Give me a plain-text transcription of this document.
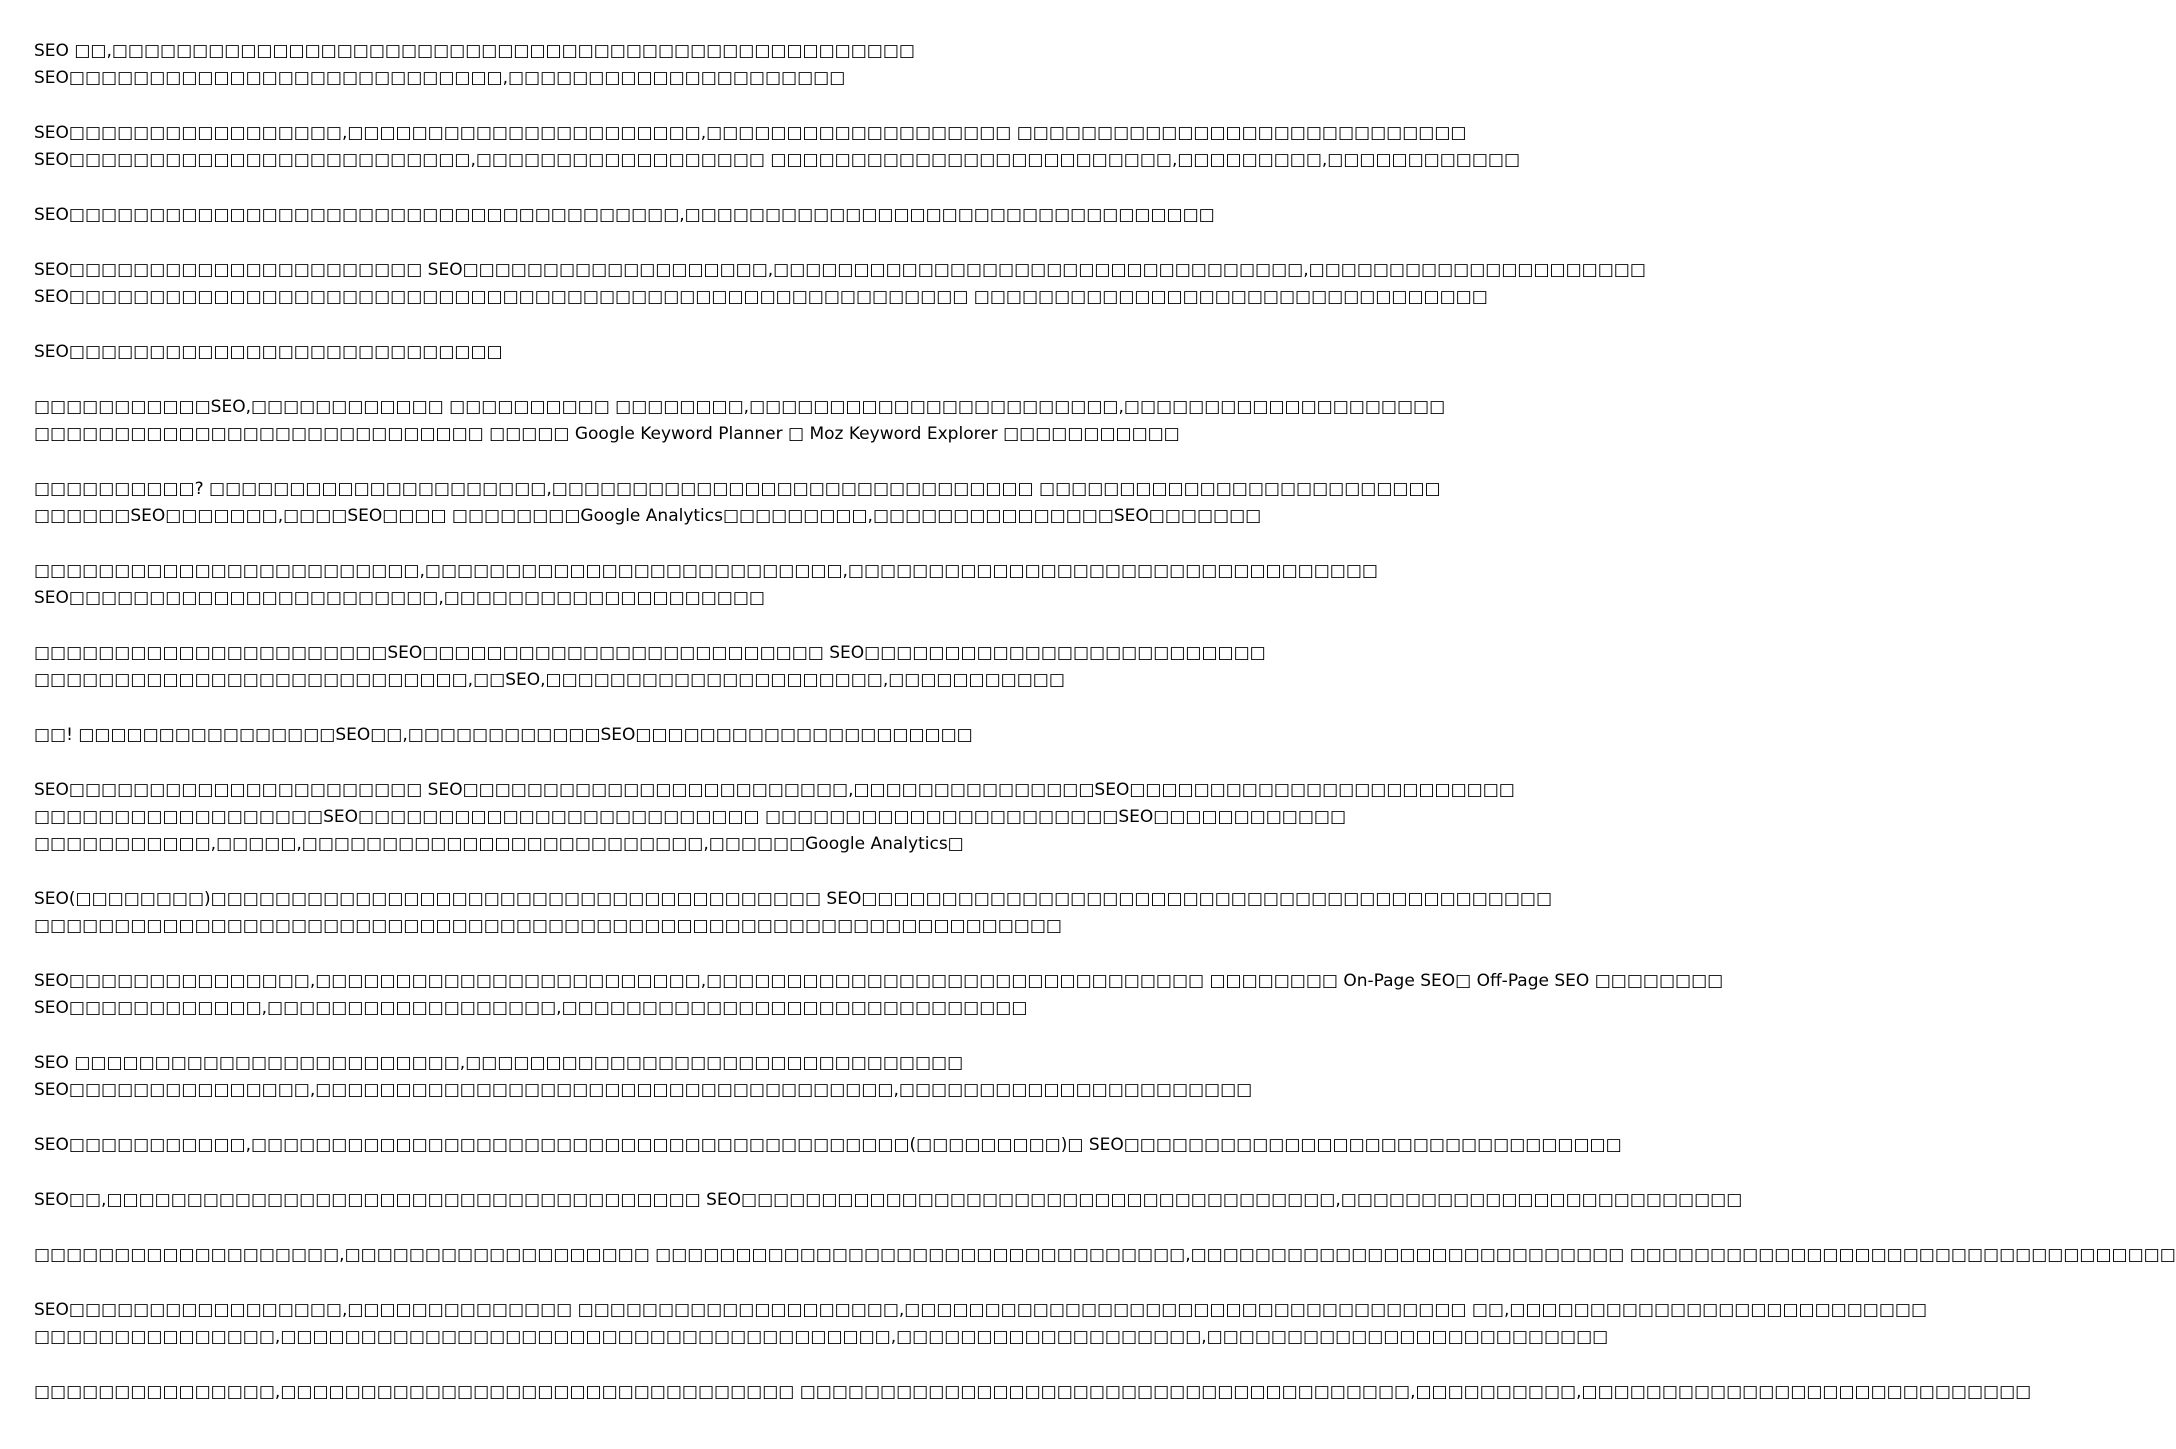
SEO □□,□□□□□□□□□□□□□□□□□□□□□□□□□□□□□□□□□□□□□□□□□□□□□□□□□□
SEO□□□□□□□□□□□□□□□□□□□□□□□□□□□,□□□□□□□□□□□□□□□□□□□□□
SEO□□□□□□□□□□□□□□□□□,□□□□□□□□□□□□□□□□□□□□□□,□□□□□□□□□□□□□□□□□□□ □□□□□□□□□□□□□□□□□□□□□□□□□□□□
SEO□□□□□□□□□□□□□□□□□□□□□□□□□,□□□□□□□□□□□□□□□□□□ □□□□□□□□□□□□□□□□□□□□□□□□□,□□□□□□□□□,□□□□□□□□□□□□
SEO□□□□□□□□□□□□□□□□□□□□□□□□□□□□□□□□□□□□□□,□□□□□□□□□□□□□□□□□□□□□□□□□□□□□□□□□
SEO□□□□□□□□□□□□□□□□□□□□□□ SEO□□□□□□□□□□□□□□□□□□□,□□□□□□□□□□□□□□□□□□□□□□□□□□□□□□□□□,□□□□□□□□□□□□□□□□□□□□□
SEO□□□□□□□□□□□□□□□□□□□□□□□□□□□□□□□□□□□□□□□□□□□□□□□□□□□□□□□□ □□□□□□□□□□□□□□□□□□□□□□□□□□□□□□□□
SEO□□□□□□□□□□□□□□□□□□□□□□□□□□□
□□□□□□□□□□□SEO,□□□□□□□□□□□□ □□□□□□□□□□ □□□□□□□□,□□□□□□□□□□□□□□□□□□□□□□□,□□□□□□□□□□□□□□□□□□□□
□□□□□□□□□□□□□□□□□□□□□□□□□□□□ □□□□□ Google Keyword Planner □ Moz Keyword Explorer □□□□□□□□□□□
□□□□□□□□□□? □□□□□□□□□□□□□□□□□□□□□,□□□□□□□□□□□□□□□□□□□□□□□□□□□□□□ □□□□□□□□□□□□□□□□□□□□□□□□□
□□□□□□SEO□□□□□□□,□□□□SEO□□□□ □□□□□□□□Google Analytics□□□□□□□□□,□□□□□□□□□□□□□□□SEO□□□□□□□
□□□□□□□□□□□□□□□□□□□□□□□□,□□□□□□□□□□□□□□□□□□□□□□□□□□,□□□□□□□□□□□□□□□□□□□□□□□□□□□□□□□□□
SEO□□□□□□□□□□□□□□□□□□□□□□□,□□□□□□□□□□□□□□□□□□□□
□□□□□□□□□□□□□□□□□□□□□□SEO□□□□□□□□□□□□□□□□□□□□□□□□□ SEO□□□□□□□□□□□□□□□□□□□□□□□□□
□□□□□□□□□□□□□□□□□□□□□□□□□□□,□□SEO,□□□□□□□□□□□□□□□□□□□□□,□□□□□□□□□□□
□□! □□□□□□□□□□□□□□□□SEO□□,□□□□□□□□□□□□SEO□□□□□□□□□□□□□□□□□□□□□
SEO□□□□□□□□□□□□□□□□□□□□□□ SEO□□□□□□□□□□□□□□□□□□□□□□□□,□□□□□□□□□□□□□□□SEO□□□□□□□□□□□□□□□□□□□□□□□□
□□□□□□□□□□□□□□□□□□SEO□□□□□□□□□□□□□□□□□□□□□□□□□ □□□□□□□□□□□□□□□□□□□□□□SEO□□□□□□□□□□□□
□□□□□□□□□□□,□□□□□,□□□□□□□□□□□□□□□□□□□□□□□□□,□□□□□□Google Analytics□
SEO(□□□□□□□□)□□□□□□□□□□□□□□□□□□□□□□□□□□□□□□□□□□□□□□ SEO□□□□□□□□□□□□□□□□□□□□□□□□□□□□□□□□□□□□□□□□□□□
□□□□□□□□□□□□□□□□□□□□□□□□□□□□□□□□□□□□□□□□□□□□□□□□□□□□□□□□□□□□□□□□
SEO□□□□□□□□□□□□□□□,□□□□□□□□□□□□□□□□□□□□□□□□,□□□□□□□□□□□□□□□□□□□□□□□□□□□□□□□ □□□□□□□□ On-Page SEO□ Off-Page SEO □□□□□□□□
SEO□□□□□□□□□□□□,□□□□□□□□□□□□□□□□□□,□□□□□□□□□□□□□□□□□□□□□□□□□□□□□
SEO □□□□□□□□□□□□□□□□□□□□□□□□,□□□□□□□□□□□□□□□□□□□□□□□□□□□□□□□
SEO□□□□□□□□□□□□□□□,□□□□□□□□□□□□□□□□□□□□□□□□□□□□□□□□□□□□,□□□□□□□□□□□□□□□□□□□□□□
SEO□□□□□□□□□□□,□□□□□□□□□□□□□□□□□□□□□□□□□□□□□□□□□□□□□□□□□(□□□□□□□□□)□ SEO□□□□□□□□□□□□□□□□□□□□□□□□□□□□□□□
SEO□□,□□□□□□□□□□□□□□□□□□□□□□□□□□□□□□□□□□□□□ SEO□□□□□□□□□□□□□□□□□□□□□□□□□□□□□□□□□□□□□,□□□□□□□□□□□□□□□□□□□□□□□□□
□□□□□□□□□□□□□□□□□□□,□□□□□□□□□□□□□□□□□□□ □□□□□□□□□□□□□□□□□□□□□□□□□□□□□□□□□,□□□□□□□□□□□□□□□□□□□□□□□□□□□ □□□□□□□□□□□□□□□□□□□□□□□□□□□□□□□□□□
SEO□□□□□□□□□□□□□□□□□,□□□□□□□□□□□□□□ □□□□□□□□□□□□□□□□□□□□,□□□□□□□□□□□□□□□□□□□□□□□□□□□□□□□□□□□ □□,□□□□□□□□□□□□□□□□□□□□□□□□□□
□□□□□□□□□□□□□□□,□□□□□□□□□□□□□□□□□□□□□□□□□□□□□□□□□□□□□□,□□□□□□□□□□□□□□□□□□□,□□□□□□□□□□□□□□□□□□□□□□□□□
□□□□□□□□□□□□□□□,□□□□□□□□□□□□□□□□□□□□□□□□□□□□□□□□ □□□□□□□□□□□□□□□□□□□□□□□□□□□□□□□□□□□□□□,□□□□□□□□□□,□□□□□□□□□□□□□□□□□□□□□□□□□□□□
